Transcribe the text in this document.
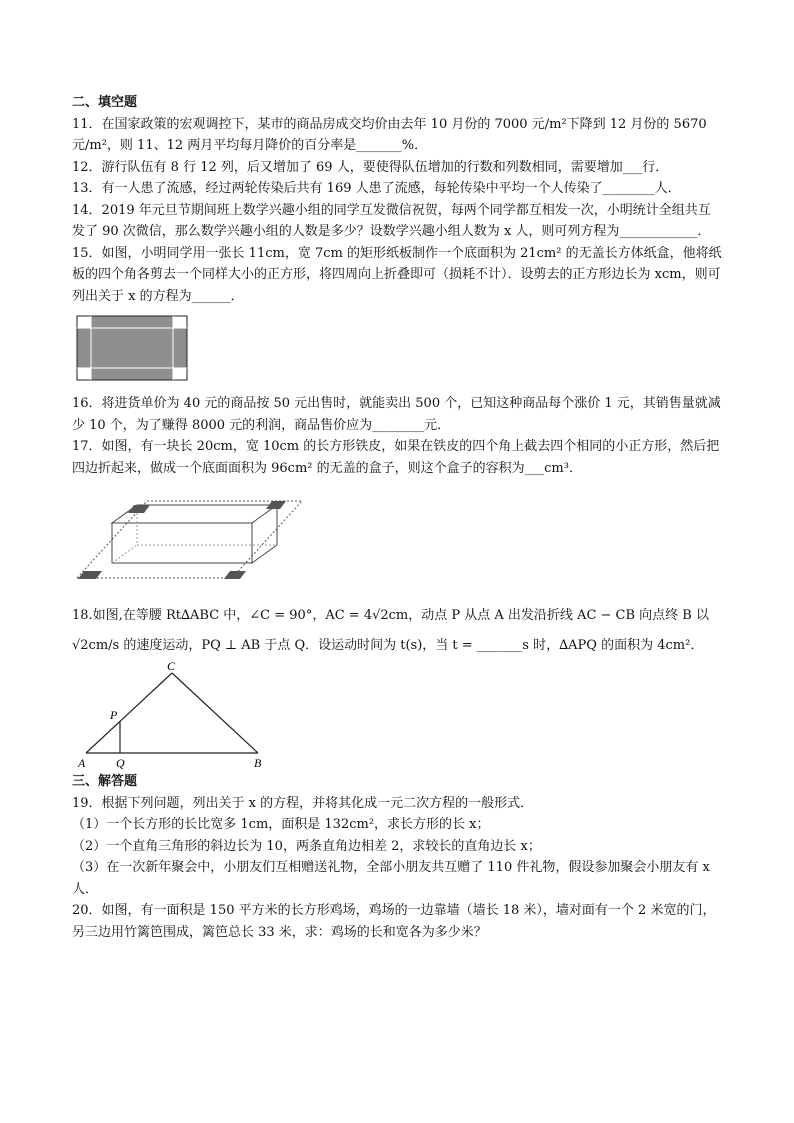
二、填空题

11．在国家政策的宏观调控下，某市的商品房成交均价由去年 10 月份的 7000 元/m²下降到 12 月份的 5670 元/m²，则 11、12 两月平均每月降价的百分率是_______%．

12．游行队伍有 8 行 12 列，后又增加了 69 人，要使得队伍增加的行数和列数相同，需要增加___行．

13．有一人患了流感，经过两轮传染后共有 169 人患了流感，每轮传染中平均一个人传染了________人．

14．2019 年元旦节期间班上数学兴趣小组的同学互发微信祝贺，每两个同学都互相发一次，小明统计全组共互发了 90 次微信，那么数学兴趣小组的人数是多少？设数学兴趣小组人数为 x 人，则可列方程为____________．

15．如图，小明同学用一张长 11cm，宽 7cm 的矩形纸板制作一个底面积为 21cm² 的无盖长方体纸盒，他将纸板的四个角各剪去一个同样大小的正方形，将四周向上折叠即可（损耗不计）．设剪去的正方形边长为 xcm，则可列出关于 x 的方程为______．

16．将进货单价为 40 元的商品按 50 元出售时，就能卖出 500 个，已知这种商品每个涨价 1 元，其销售量就减少 10 个，为了赚得 8000 元的利润，商品售价应为________元．

17．如图，有一块长 20cm，宽 10cm 的长方形铁皮，如果在铁皮的四个角上截去四个相同的小正方形，然后把四边折起来，做成一个底面面积为 96cm² 的无盖的盒子，则这个盒子的容积为___cm³．

18.如图,在等腰 Rt∆ABC 中，∠C = 90°，AC = 4√2cm，动点 P 从点 A 出发沿折线 AC − CB 向点终 B 以 √2cm/s 的速度运动，PQ ⊥ AB 于点 Q．设运动时间为 t(s)，当 t = _______s 时，∆APQ 的面积为 4cm²．

C
P
A	Q	B

三、解答题

19．根据下列问题，列出关于 x 的方程，并将其化成一元二次方程的一般形式．

（1）一个长方形的长比宽多 1cm，面积是 132cm²，求长方形的长 x；

（2）一个直角三角形的斜边长为 10，两条直角边相差 2，求较长的直角边长 x；

（3）在一次新年聚会中，小朋友们互相赠送礼物，全部小朋友共互赠了 110 件礼物，假设参加聚会小朋友有 x 人．

20．如图，有一面积是 150 平方米的长方形鸡场，鸡场的一边靠墙（墙长 18 米），墙对面有一个 2 米宽的门，另三边用竹篱笆围成，篱笆总长 33 米，求：鸡场的长和宽各为多少米？
